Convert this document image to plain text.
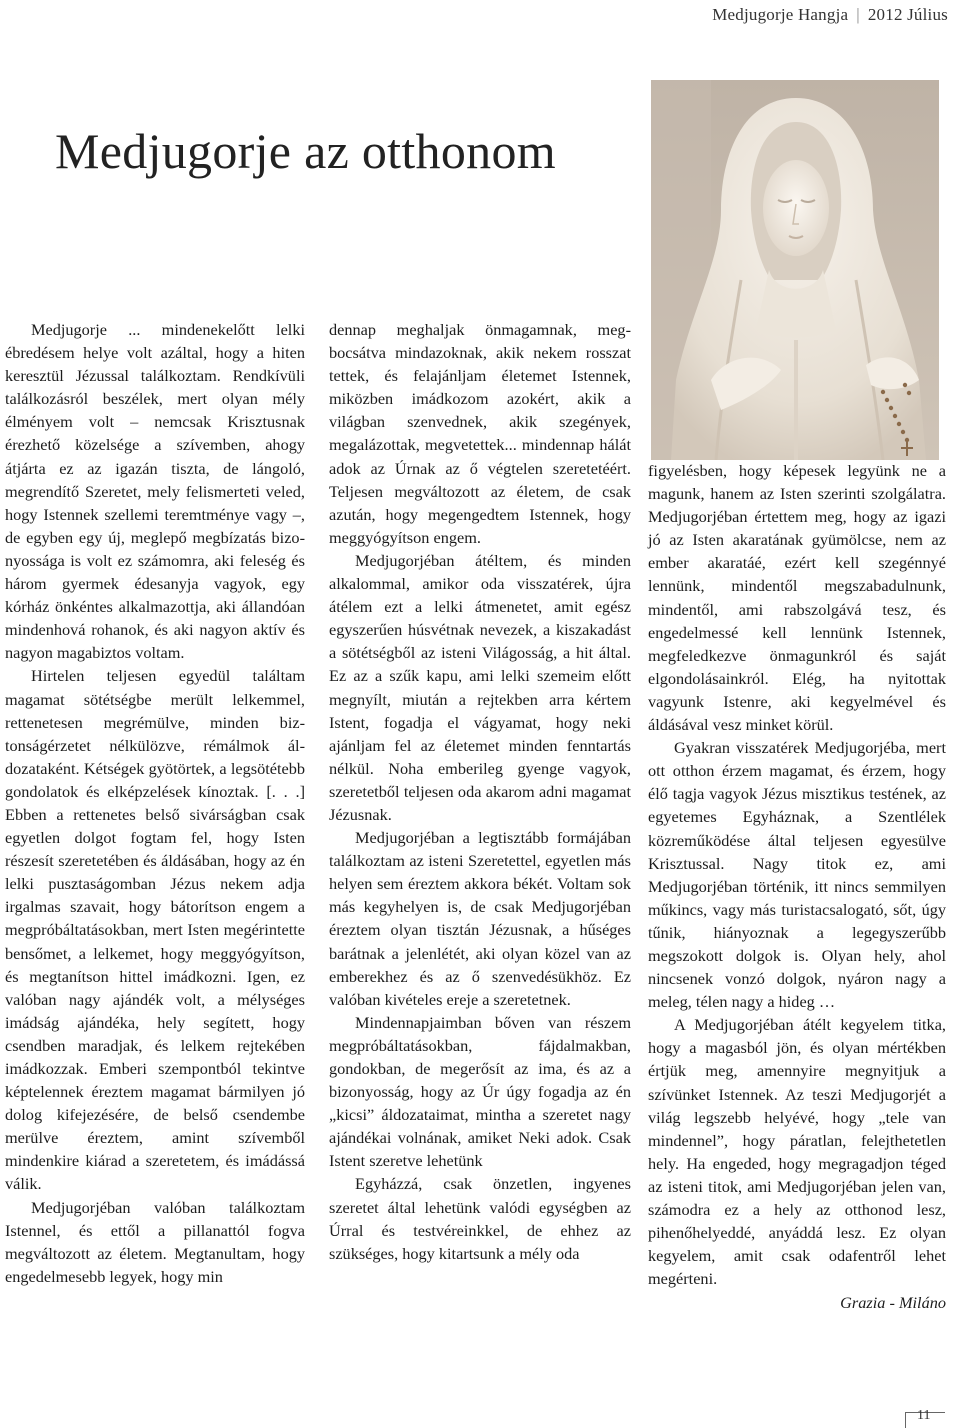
Medjugorje Hangja | 2012 Július
Medjugorje az otthonom

Medjugorje ... mindenekelőtt lelki ébredésem helye volt azáltal, hogy a hiten keresztül Jézussal találkoztam. Rendkívüli találkozásról beszélek, mert olyan mély élményem volt – nemcsak Krisztusnak érezhető közelsége a szívemben, ahogy átjárta ez az igazán tiszta, de lángoló, megrendítő Szeretet, mely felismerteti veled, hogy Istennek szellemi teremtménye vagy –, de egyben egy új, meglepő megbízatás bizonyossága is volt ez számomra, aki feleség és három gyermek édesanyja vagyok, egy kórház önkéntes alkalmazottja, aki állandóan mindenhová rohanok, és aki nagyon aktív és nagyon magabiztos voltam.

Hirtelen teljesen egyedül találtam magamat sötétségbe merült lelkemmel, rettenetesen megrémülve, minden biztonságérzetet nélkülözve, rémálmok áldozataként. Kétségek gyötörtek, a legsötétebb gondolatok és elképzelések kínoztak. [. . .] Ebben a rettenetes belső sivárságban csak egyetlen dolgot fogtam fel, hogy Isten részesít szeretetében és áldásában, hogy az én lelki pusztaságomban Jézus nekem adja irgalmas szavait, hogy bátorítson engem a megpróbáltatásokban, mert Isten megérintette bensőmet, a lelkemet, hogy meggyógyítson, és megtanítson hittel imádkozni. Igen, ez valóban nagy ajándék volt, a mélységes imádság ajándéka, hely segített, hogy csendben maradjak, és lelkem rejtekében imádkozzak. Emberi szempontból tekintve képtelennek éreztem magamat bármilyen jó dolog kifejezésére, de belső csendembe merülve éreztem, amint szívemből mindenkire kiárad a szeretetem, és imádássá válik.

Medjugorjéban valóban találkoztam Istennel, és ettől a pillanattól fogva megváltozott az életem. Megtanultam, hogy engedelmesebb legyek, hogy min

dennap meghaljak önmagamnak, megbocsátva mindazoknak, akik nekem rosszat tettek, és felajánljam életemet Istennek, miközben imádkozom azokért, akik a világban szenvednek, akik szegények, megalázottak, megvetettek... mindennap hálát adok az Úrnak az ő végtelen szeretetéért. Teljesen megváltozott az életem, de csak azután, hogy megengedtem Istennek, hogy meggyógyítson engem.

Medjugorjéban átéltem, és minden alkalommal, amikor oda visszatérek, újra átélem ezt a lelki átmenetet, amit egész egyszerűen húsvétnak nevezek, a kiszakadást a sötétségből az isteni Világosság, a hit által. Ez az a szűk kapu, ami lelki szemeim előtt megnyílt, miután a rejtekben arra kértem Istent, fogadja el vágyamat, hogy neki ajánljam fel az életemet minden fenntartás nélkül. Noha emberileg gyenge vagyok, szeretetből teljesen oda akarom adni magamat Jézusnak.

Medjugorjéban a legtisztább formájában találkoztam az isteni Szeretettel, egyetlen más helyen sem éreztem akkora békét. Voltam sok más kegyhelyen is, de csak Medjugorjéban éreztem olyan tisztán Jézusnak, a hűséges barátnak a jelenlétét, aki olyan közel van az emberekhez és az ő szenvedésükhöz. Ez valóban kivételes ereje a szeretetnek.

Mindennapjaimban bőven van részem megpróbáltatásokban, fájdalmakban, gondokban, de megerősít az ima, és az a bizonyosság, hogy az Úr úgy fogadja az én „kicsi” áldozataimat, mintha a szeretet nagy ajándékai volnának, amiket Neki adok. Csak Istent szeretve lehetünk

Egyházzá, csak önzetlen, ingyenes szeretet által lehetünk valódi egységben az Úrral és testvéreinkkel, de ehhez az szükséges, hogy kitartsunk a mély oda

figyelésben, hogy képesek legyünk ne a magunk, hanem az Isten szerinti szolgálatra. Medjugorjéban értettem meg, hogy az igazi jó az Isten akaratának gyümölcse, nem az ember akaratáé, ezért kell szegénnyé lennünk, mindentől megszabadulnunk, mindentől, ami rabszolgává tesz, és engedelmessé kell lennünk Istennek, megfeledkezve önmagunkról és saját elgondolásainkról. Elég, ha nyitottak vagyunk Istenre, aki kegyelmével és áldásával vesz minket körül.

Gyakran visszatérek Medjugorjéba, mert ott otthon érzem magamat, és érzem, hogy élő tagja vagyok Jézus misztikus testének, az egyetemes Egyháznak, a Szentlélek közreműködése által teljesen egyesülve Krisztussal. Nagy titok ez, ami Medjugorjéban történik, itt nincs semmilyen műkincs, vagy más turistacsalogató, sőt, úgy tűnik, hiányoznak a legegyszerűbb megszokott dolgok is. Olyan hely, ahol nincsenek vonzó dolgok, nyáron nagy a meleg, télen nagy a hideg …

A Medjugorjéban átélt kegyelem titka, hogy a magasból jön, és olyan mértékben értjük meg, amennyire megnyitjuk a szívünket Istennek. Az teszi Medjugorjét a világ legszebb helyévé, hogy „tele van mindennel”, hogy páratlan, felejthetetlen hely. Ha engeded, hogy megragadjon téged az isteni titok, ami Medjugorjéban jelen van, számodra ez a hely az otthonod lesz, pihenőhelyeddé, anyáddá lesz. Ez olyan kegyelem, amit csak odafentről lehet megérteni.

Grazia - Miláno

11
